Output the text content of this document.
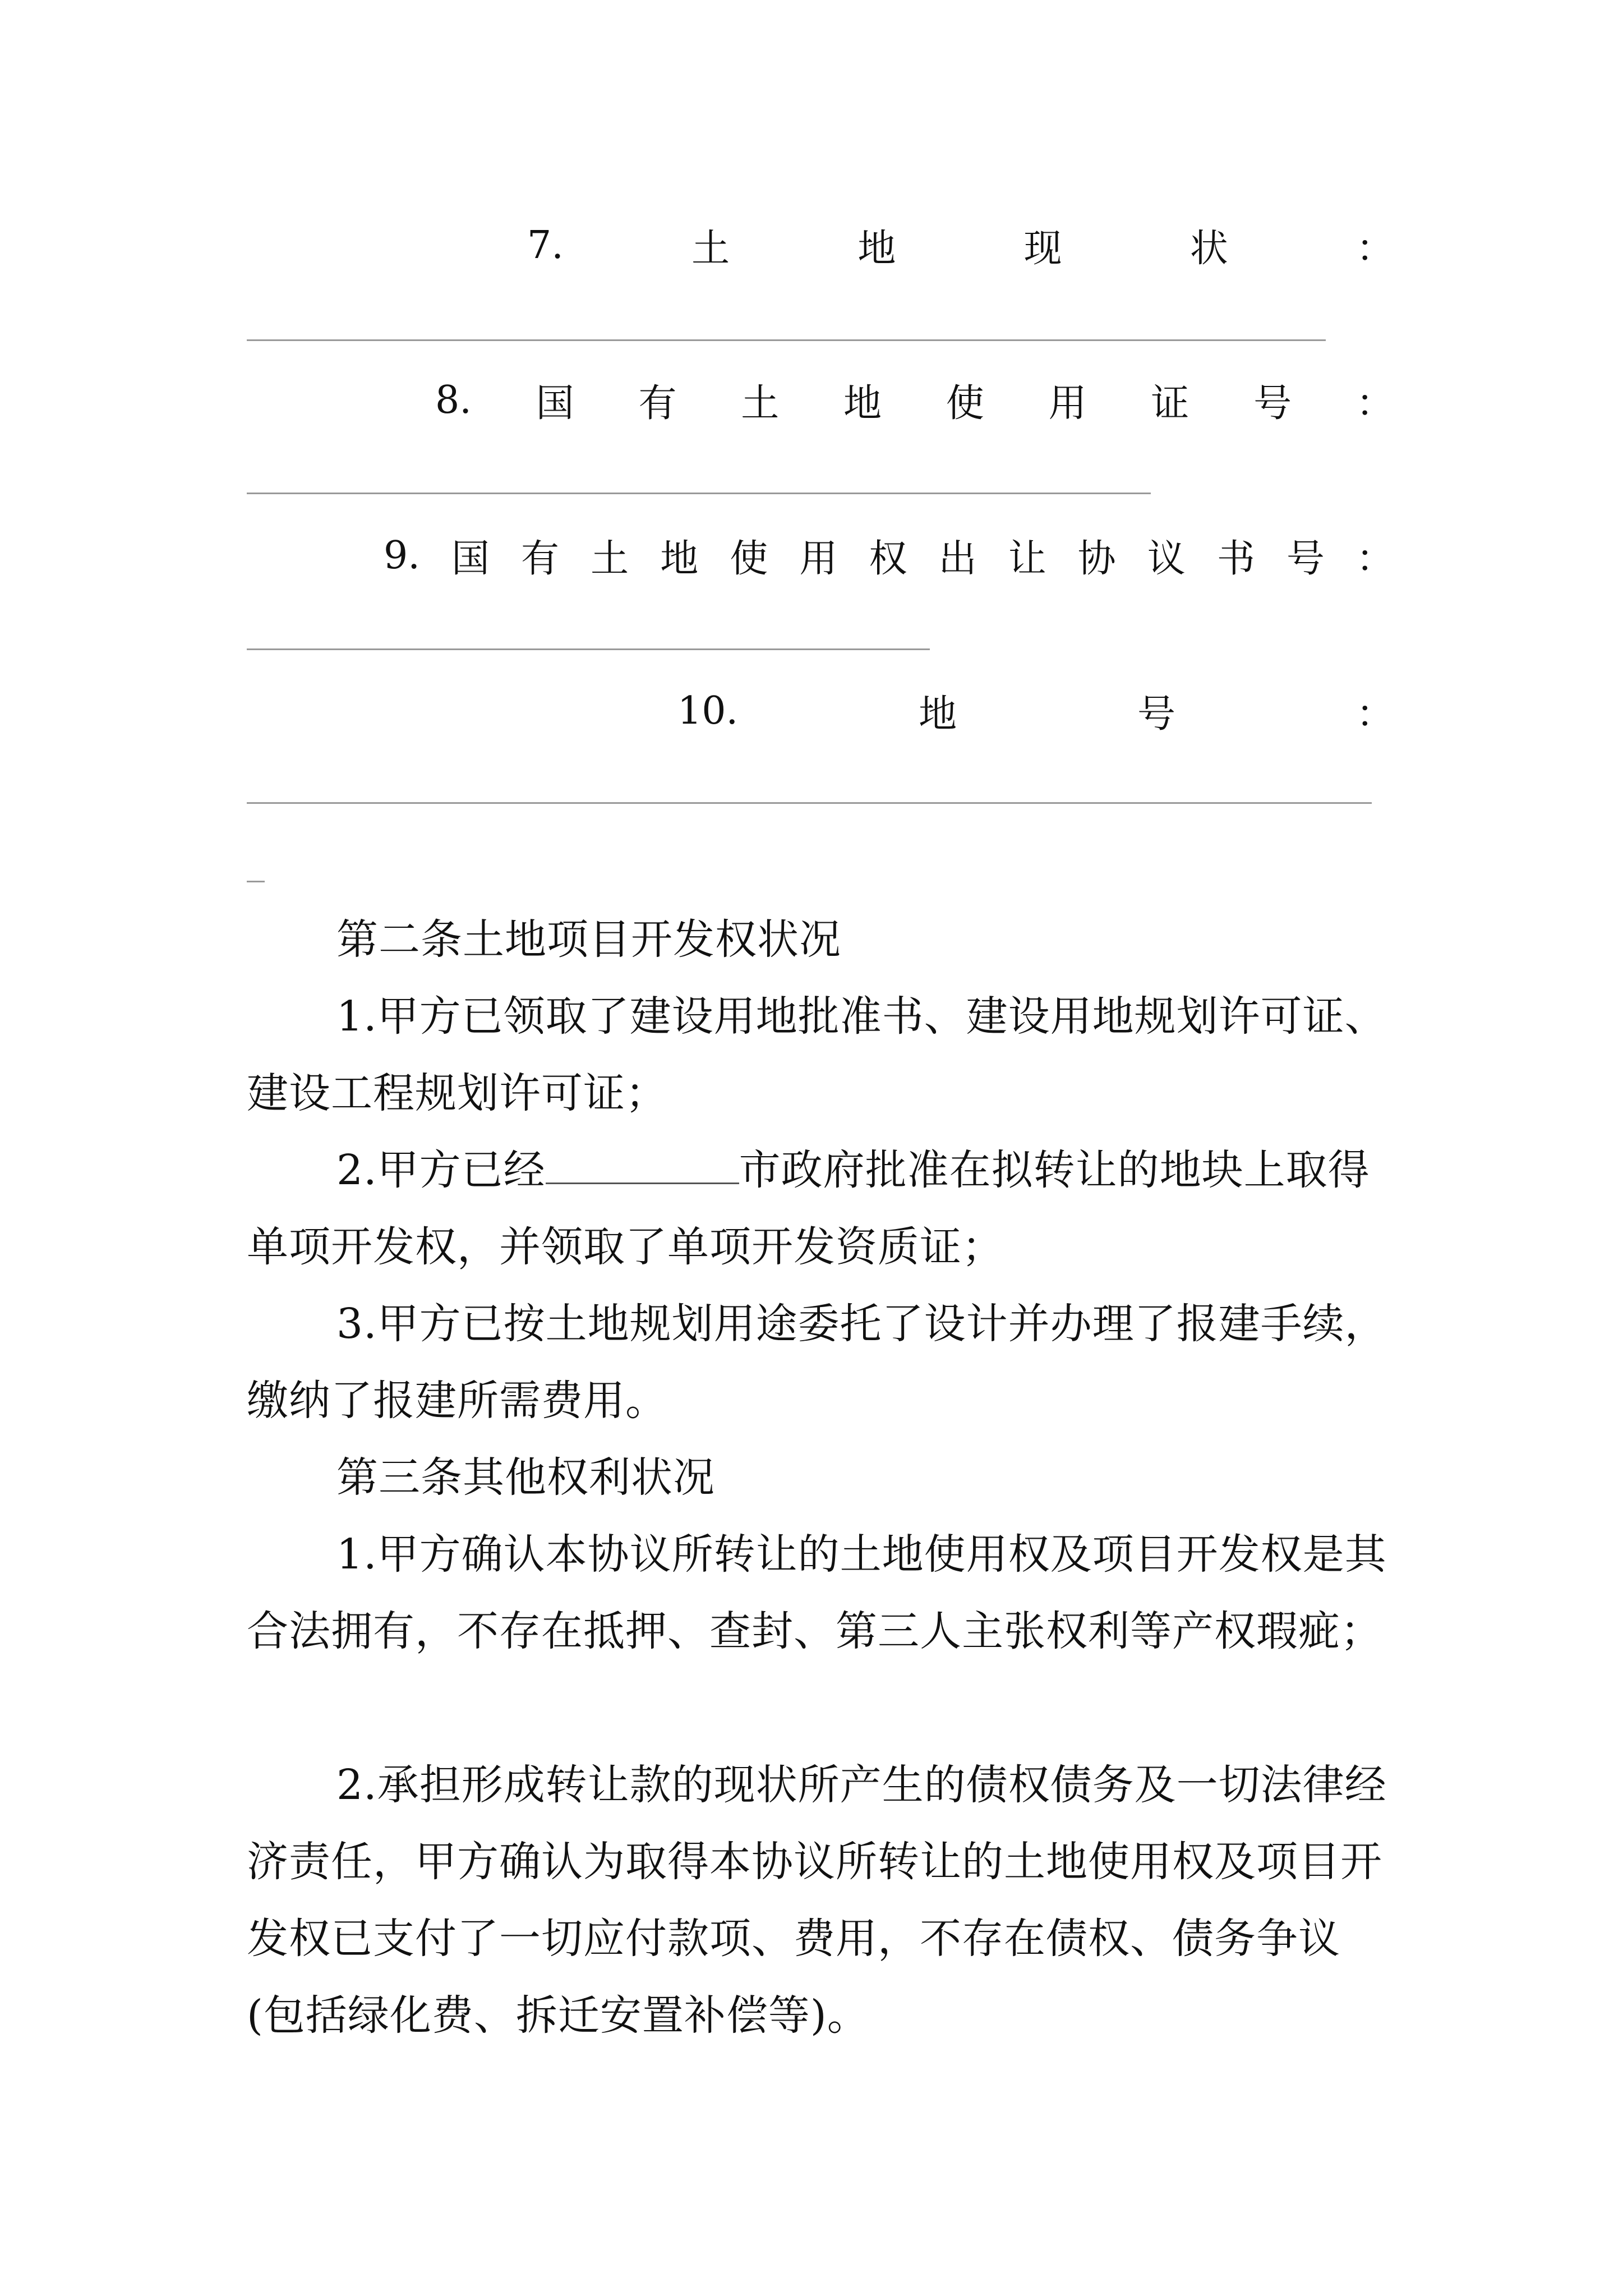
7.	土	地	现	状	：
8. 国 有 土 地 使 用 证 号 ：
9. 国 有 土 地 使 用 权 出 让 协 议 书 号 ：
10.	地	号	：

第二条土地项目开发权状况

1.甲方已领取了建设用地批准书、建设用地规划许可证、建设工程规划许可证；

2.甲方已经	市政府批准在拟转让的地块上取得单项开发权，并领取了单项开发资质证；

3.甲方已按土地规划用途委托了设计并办理了报建手续，缴纳了报建所需费用。

第三条其他权利状况

1.甲方确认本协议所转让的土地使用权及项目开发权是其合法拥有，不存在抵押、查封、第三人主张权利等产权瑕疵；

2.承担形成转让款的现状所产生的债权债务及一切法律经济责任，甲方确认为取得本协议所转让的土地使用权及项目开发权已支付了一切应付款项、费用，不存在债权、债务争议(包括绿化费、拆迁安置补偿等)。
